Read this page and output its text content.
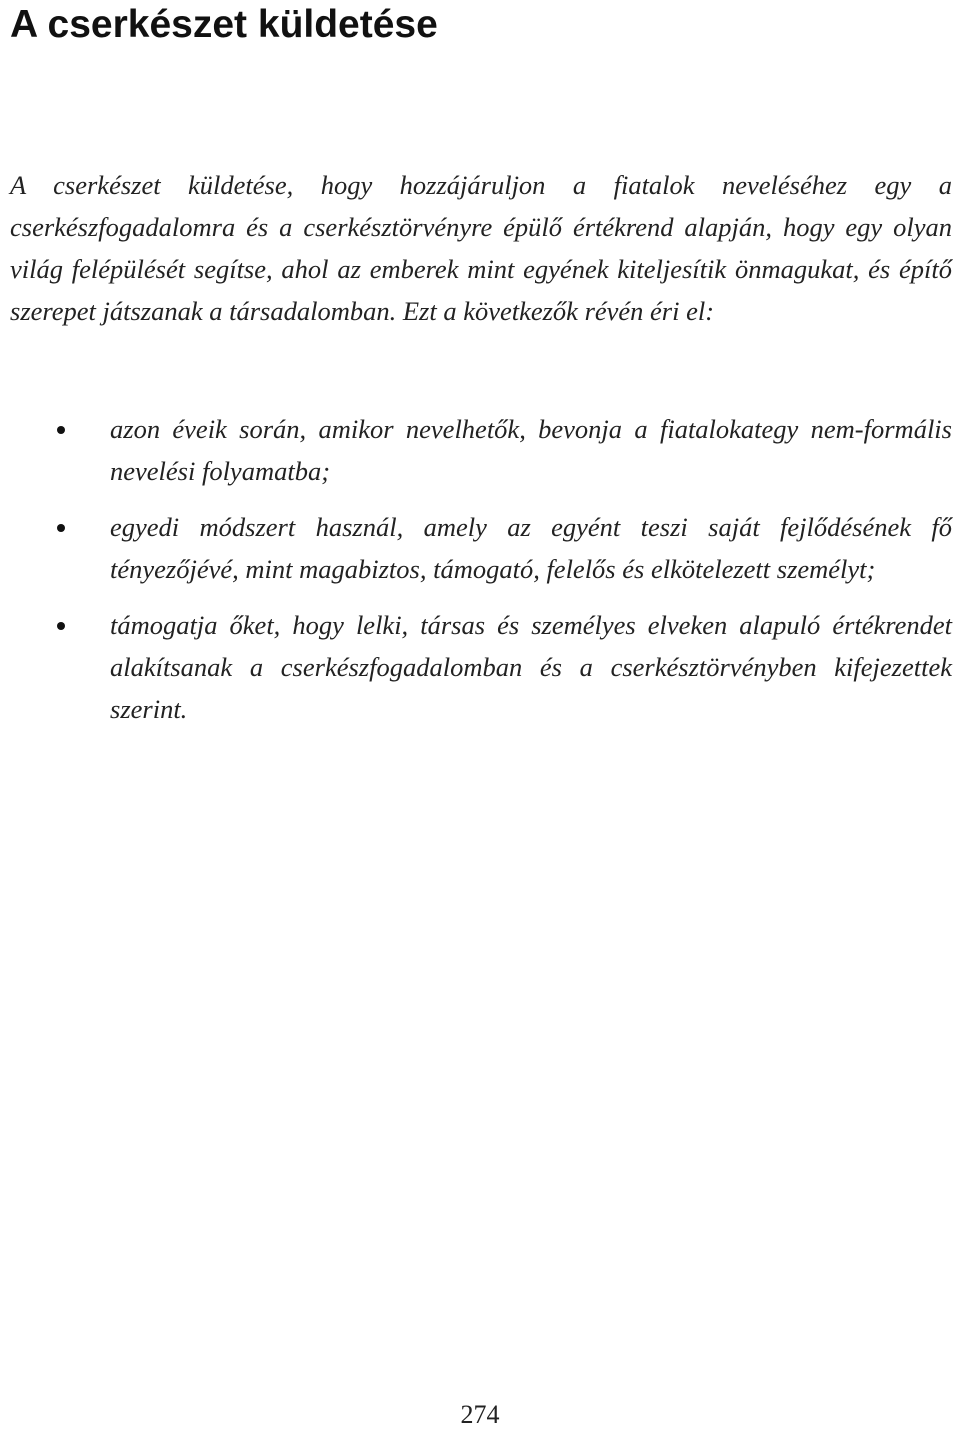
A cserkészet küldetése

A cserkészet küldetése, hogy hozzájáruljon a fiatalok neveléséhez egy a cserkészfogadalomra és a cserkésztörvényre épülő értékrend alapján, hogy egy olyan világ felépülését segítse, ahol az emberek mint egyének kiteljesítik önmagukat, és építő szerepet játszanak a társadalomban. Ezt a következők révén éri el:

azon éveik során, amikor nevelhetők, bevonja a fiatalokategy nem-formális nevelési folyamatba;
egyedi módszert használ, amely az egyént teszi saját fejlődésének fő tényezőjévé, mint magabiztos, támogató, felelős és elkötelezett személyt;
támogatja őket, hogy lelki, társas és személyes elveken alapuló értékrendet alakítsanak a cserkészfogadalomban és a cserkésztörvényben kifejezettek szerint.
274
